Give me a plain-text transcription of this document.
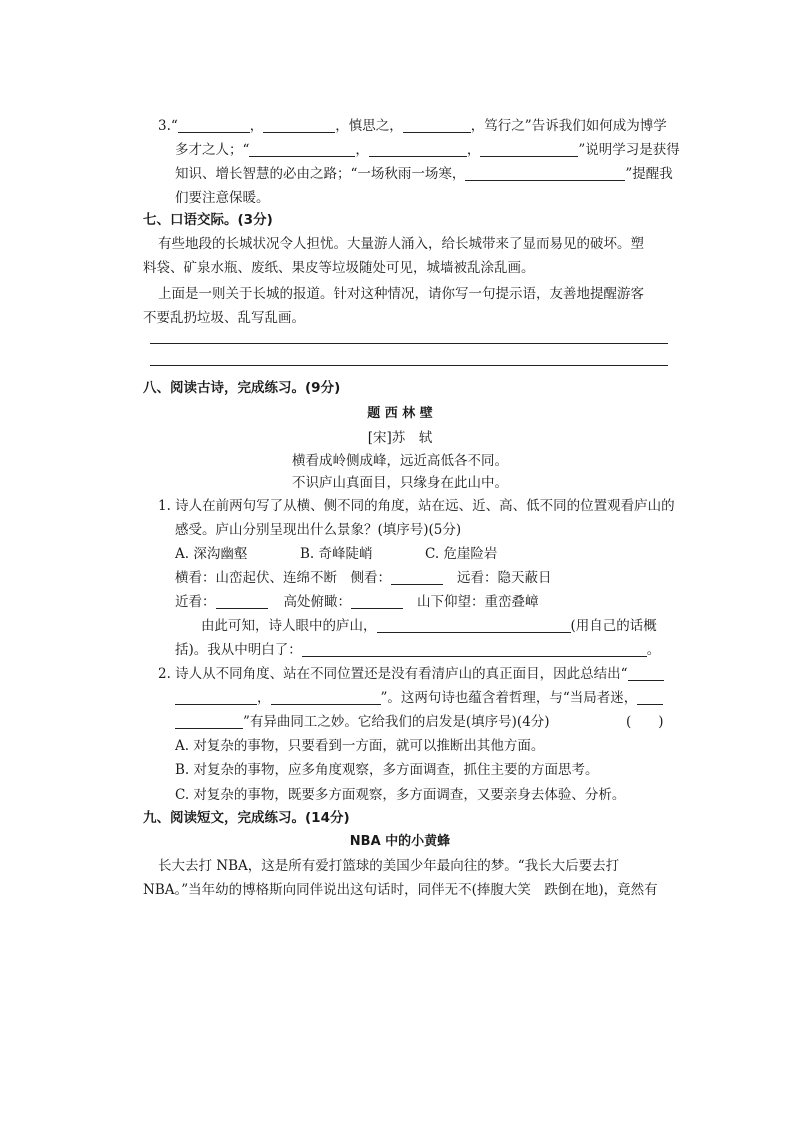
3.“	，	，慎思之，	，笃行之”告诉我们如何成为博学
多才之人；“	，	，	”说明学习是获得
知识、增长智慧的必由之路；“一场秋雨一场寒，	”提醒我
们要注意保暖。
七、口语交际。(3分)
有些地段的长城状况令人担忧。大量游人涌入，给长城带来了显而易见的破坏。塑
料袋、矿泉水瓶、废纸、果皮等垃圾随处可见，城墙被乱涂乱画。
上面是一则关于长城的报道。针对这种情况，请你写一句提示语，友善地提醒游客
不要乱扔垃圾、乱写乱画。
八、阅读古诗，完成练习。(9分)
题 西 林 壁
[宋]苏　轼
横看成岭侧成峰，远近高低各不同。
不识庐山真面目，只缘身在此山中。
1. 诗人在前两句写了从横、侧不同的角度，站在远、近、高、低不同的位置观看庐山的
感受。庐山分别呈现出什么景象？(填序号)(5分)
A. 深沟幽壑	B. 奇峰陡峭	C. 危崖险岩
横看：山峦起伏、连绵不断　侧看：	远看：隐天蔽日
近看：	高处俯瞰：	山下仰望：重峦叠嶂
由此可知，诗人眼中的庐山，	(用自己的话概
括)。我从中明白了：	。
2. 诗人从不同角度、站在不同位置还是没有看清庐山的真正面目，因此总结出“
，	”。这两句诗也蕴含着哲理，与“当局者迷，
”有异曲同工之妙。它给我们的启发是(填序号)(4分)	(　　)
A. 对复杂的事物，只要看到一方面，就可以推断出其他方面。
B. 对复杂的事物，应多角度观察，多方面调查，抓住主要的方面思考。
C. 对复杂的事物，既要多方面观察，多方面调查，又要亲身去体验、分析。
九、阅读短文，完成练习。(14分)
NBA 中的小黄蜂
长大去打 NBA，这是所有爱打篮球的美国少年最向往的梦。“我长大后要去打
NBA。”当年幼的博格斯向同伴说出这句话时，同伴无不(捧腹大笑　跌倒在地)，竟然有
